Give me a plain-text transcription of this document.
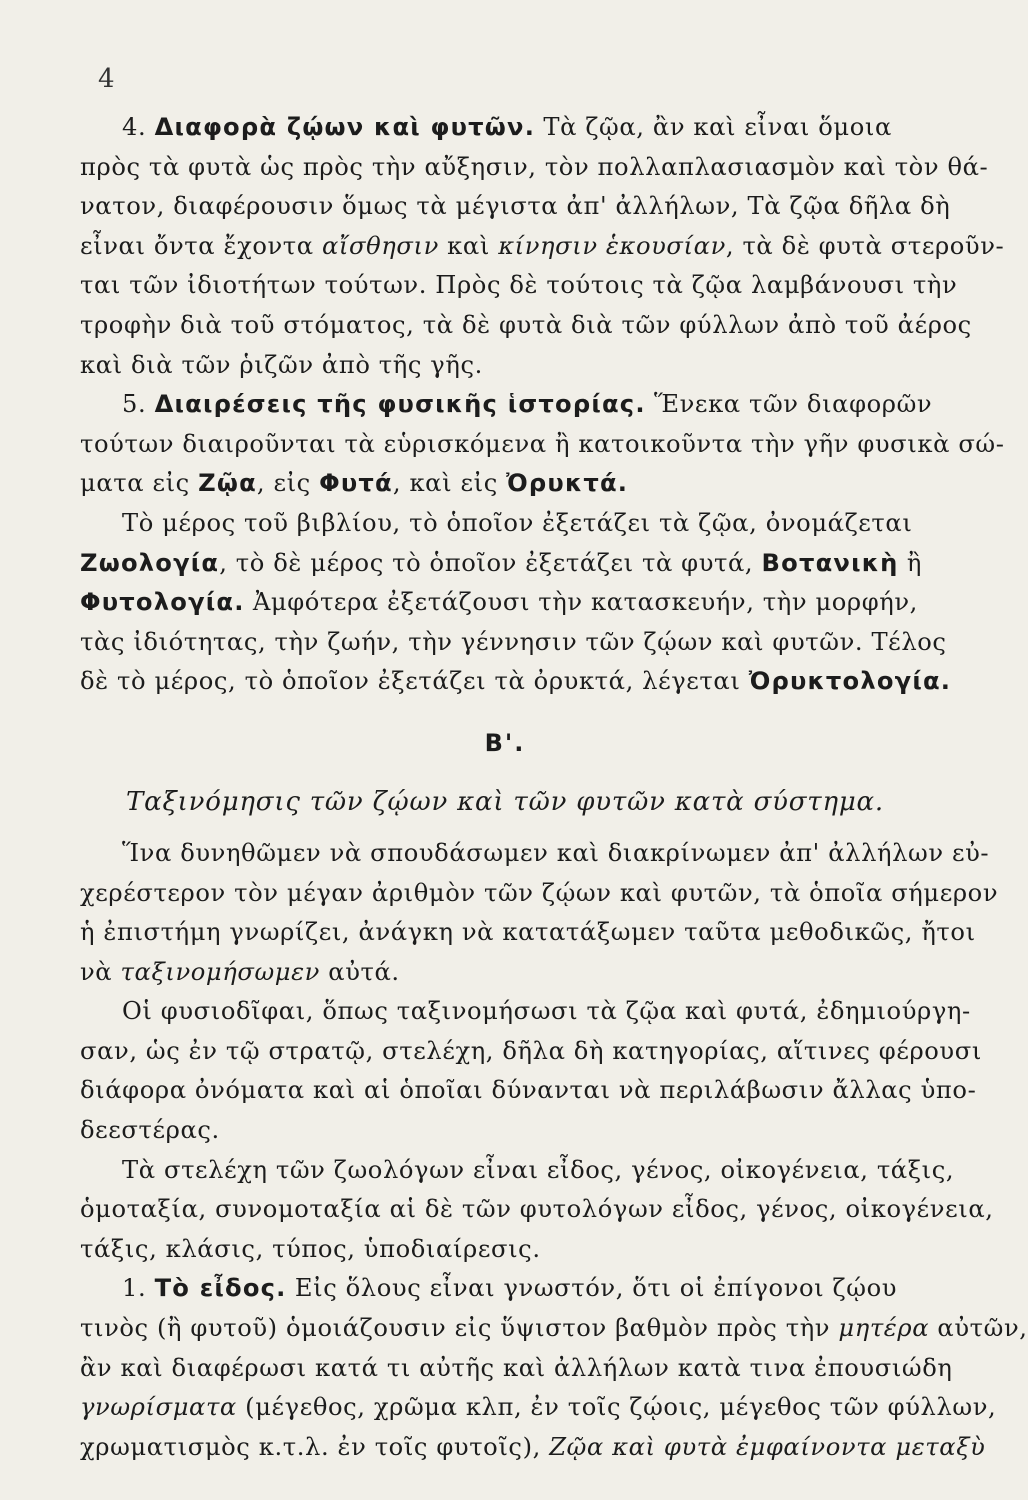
4
4. Διαφορὰ ζῴων καὶ φυτῶν. Τὰ ζῷα, ἂν καὶ εἶναι ὅμοια
πρὸς τὰ φυτὰ ὡς πρὸς τὴν αὔξησιν, τὸν πολλαπλασιασμὸν καὶ τὸν θά-
νατον, διαφέρουσιν ὅμως τὰ μέγιστα ἀπ' ἀλλήλων, Τὰ ζῷα δῆλα δὴ
εἶναι ὄντα ἔχοντα αἴσθησιν καὶ κίνησιν ἑκουσίαν, τὰ δὲ φυτὰ στεροῦν-
ται τῶν ἰδιοτήτων τούτων. Πρὸς δὲ τούτοις τὰ ζῷα λαμβάνουσι τὴν
τροφὴν διὰ τοῦ στόματος, τὰ δὲ φυτὰ διὰ τῶν φύλλων ἀπὸ τοῦ ἀέρος
καὶ διὰ τῶν ῥιζῶν ἀπὸ τῆς γῆς.
5. Διαιρέσεις τῆς φυσικῆς ἱστορίας. Ἕνεκα τῶν διαφορῶν
τούτων διαιροῦνται τὰ εὑρισκόμενα ἢ κατοικοῦντα τὴν γῆν φυσικὰ σώ-
ματα εἰς Ζῷα, εἰς Φυτά, καὶ εἰς Ὀρυκτά.
Τὸ μέρος τοῦ βιβλίου, τὸ ὁποῖον ἐξετάζει τὰ ζῷα, ὀνομάζεται
Ζωολογία, τὸ δὲ μέρος τὸ ὁποῖον ἐξετάζει τὰ φυτά, Βοτανικὴ ἢ
Φυτολογία. Ἀμφότερα ἐξετάζουσι τὴν κατασκευήν, τὴν μορφήν,
τὰς ἰδιότητας, τὴν ζωήν, τὴν γέννησιν τῶν ζῴων καὶ φυτῶν. Τέλος
δὲ τὸ μέρος, τὸ ὁποῖον ἐξετάζει τὰ ὀρυκτά, λέγεται Ὀρυκτολογία.
Β'.
Ταξινόμησις τῶν ζῴων καὶ τῶν φυτῶν κατὰ σύστημα.
Ἵνα δυνηθῶμεν νὰ σπουδάσωμεν καὶ διακρίνωμεν ἀπ' ἀλλήλων εὐ-
χερέστερον τὸν μέγαν ἀριθμὸν τῶν ζῴων καὶ φυτῶν, τὰ ὁποῖα σήμερον
ἡ ἐπιστήμη γνωρίζει, ἀνάγκη νὰ κατατάξωμεν ταῦτα μεθοδικῶς, ἤτοι
νὰ ταξινομήσωμεν αὐτά.
Οἱ φυσιοδῖφαι, ὅπως ταξινομήσωσι τὰ ζῷα καὶ φυτά, ἐδημιούργη-
σαν, ὡς ἐν τῷ στρατῷ, στελέχη, δῆλα δὴ κατηγορίας, αἵτινες φέρουσι
διάφορα ὀνόματα καὶ αἱ ὁποῖαι δύνανται νὰ περιλάβωσιν ἄλλας ὑπο-
δεεστέρας.
Τὰ στελέχη τῶν ζωολόγων εἶναι εἶδος, γένος, οἰκογένεια, τάξις,
ὁμοταξία, συνομοταξία αἱ δὲ τῶν φυτολόγων εἶδος, γένος, οἰκογένεια,
τάξις, κλάσις, τύπος, ὑποδιαίρεσις.
1. Τὸ εἶδος. Εἰς ὅλους εἶναι γνωστόν, ὅτι οἱ ἐπίγονοι ζῴου
τινὸς (ἢ φυτοῦ) ὁμοιάζουσιν εἰς ὕψιστον βαθμὸν πρὸς τὴν μητέρα αὐτῶν,
ἂν καὶ διαφέρωσι κατά τι αὐτῆς καὶ ἀλλήλων κατὰ τινα ἐπουσιώδη
γνωρίσματα (μέγεθος, χρῶμα κλπ, ἐν τοῖς ζῴοις, μέγεθος τῶν φύλλων,
χρωματισμὸς κ.τ.λ. ἐν τοῖς φυτοῖς), Ζῷα καὶ φυτὰ ἐμφαίνοντα μεταξὺ
